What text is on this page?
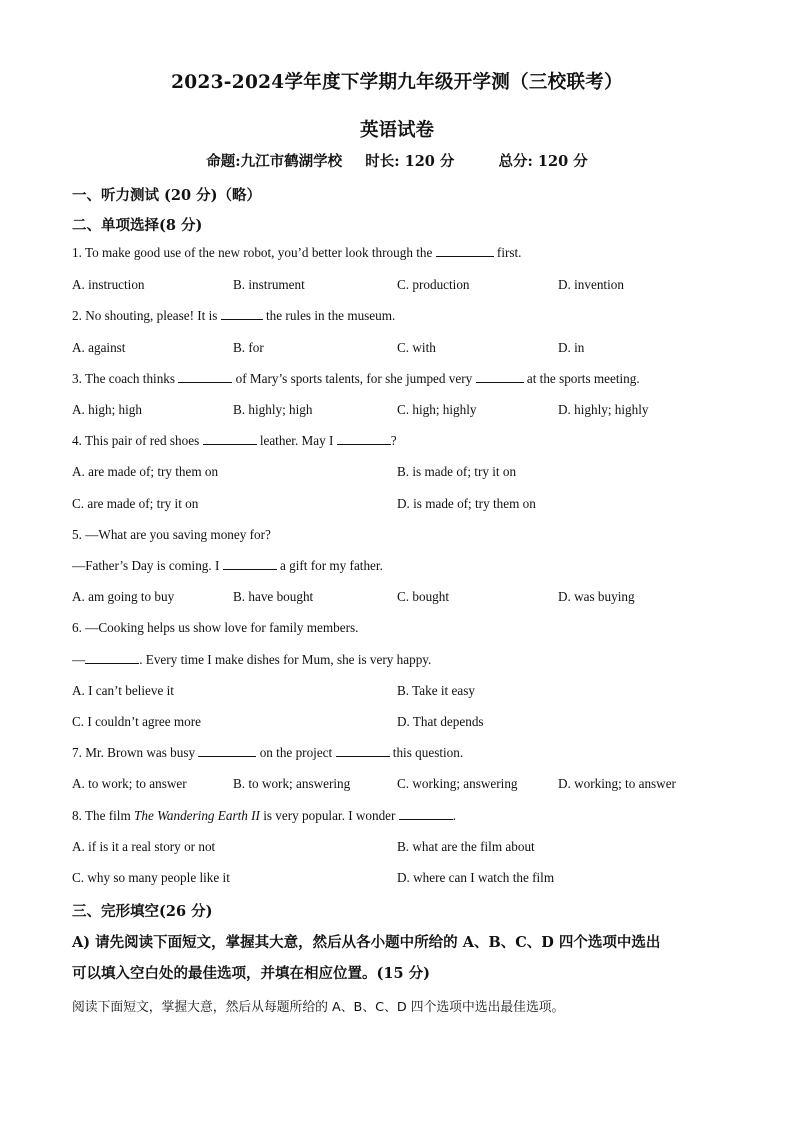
2023-2024学年度下学期九年级开学测（三校联考）
英语试卷
命题:九江市鹤湖学校 时长: 120 分	总分: 120 分
一、听力测试 (20 分)（略）
二、单项选择(8 分)
1. To make good use of the new robot, you’d better look through the	first.
A. instruction	B. instrument	C. production	D. invention
2. No shouting, please! It is	the rules in the museum.
A. against	B. for	C. with	D. in
3. The coach thinks	of Mary’s sports talents, for she jumped very	at the sports meeting.
A. high; high	B. highly; high	C. high; highly	D. highly; highly
4. This pair of red shoes	leather. May I	?
A. are made of; try them on	B. is made of; try it on
C. are made of; try it on	D. is made of; try them on
5. —What are you saving money for?
—Father’s Day is coming. I	a gift for my father.
A. am going to buy	B. have bought	C. bought	D. was buying
6. —Cooking helps us show love for family members.
—	. Every time I make dishes for Mum, she is very happy.
A. I can’t believe it	B. Take it easy
C. I couldn’t agree more	D. That depends
7. Mr. Brown was busy	on the project	this question.
A. to work; to answer	B. to work; answering	C. working; answering	D. working; to answer
8. The film The Wandering Earth II is very popular. I wonder	.
A. if is it a real story or not	B. what are the film about
C. why so many people like it	D. where can I watch the film
三、完形填空(26 分)
A) 请先阅读下面短文，掌握其大意，然后从各小题中所给的 A、B、C、D 四个选项中选出
可以填入空白处的最佳选项，并填在相应位置。(15 分)
阅读下面短文，掌握大意，然后从每题所给的 A、B、C、D 四个选项中选出最佳选项。
